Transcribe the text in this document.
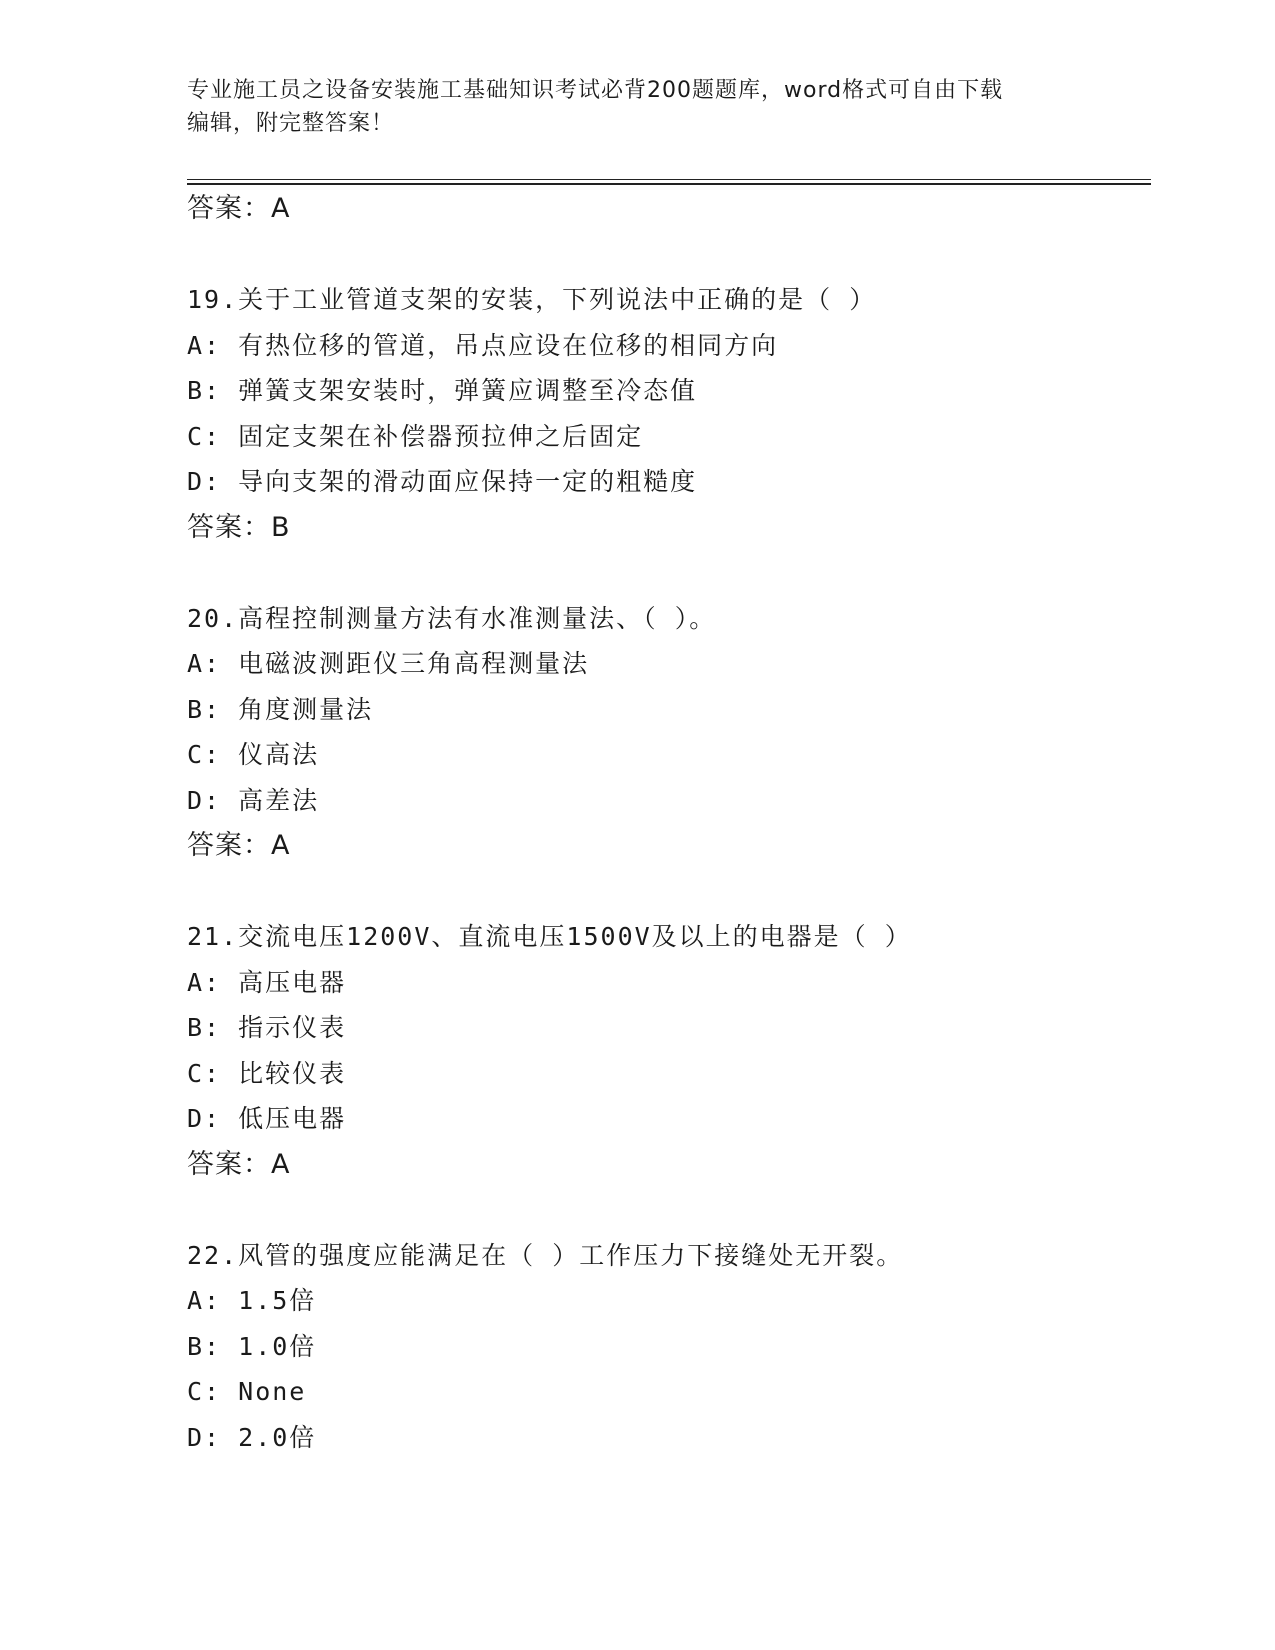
专业施工员之设备安装施工基础知识考试必背200题题库，word格式可自由下载
编辑，附完整答案！
答案：A
19.关于工业管道支架的安装，下列说法中正确的是（ ）
A: 有热位移的管道，吊点应设在位移的相同方向
B: 弹簧支架安装时，弹簧应调整至冷态值
C: 固定支架在补偿器预拉伸之后固定
D: 导向支架的滑动面应保持一定的粗糙度
答案：B
20.高程控制测量方法有水准测量法、（ ）。
A: 电磁波测距仪三角高程测量法
B: 角度测量法
C: 仪高法
D: 高差法
答案：A
21.交流电压1200V、直流电压1500V及以上的电器是（ ）
A: 高压电器
B: 指示仪表
C: 比较仪表
D: 低压电器
答案：A
22.风管的强度应能满足在（ ）工作压力下接缝处无开裂。
A: 1.5倍
B: 1.0倍
C: None
D: 2.0倍
